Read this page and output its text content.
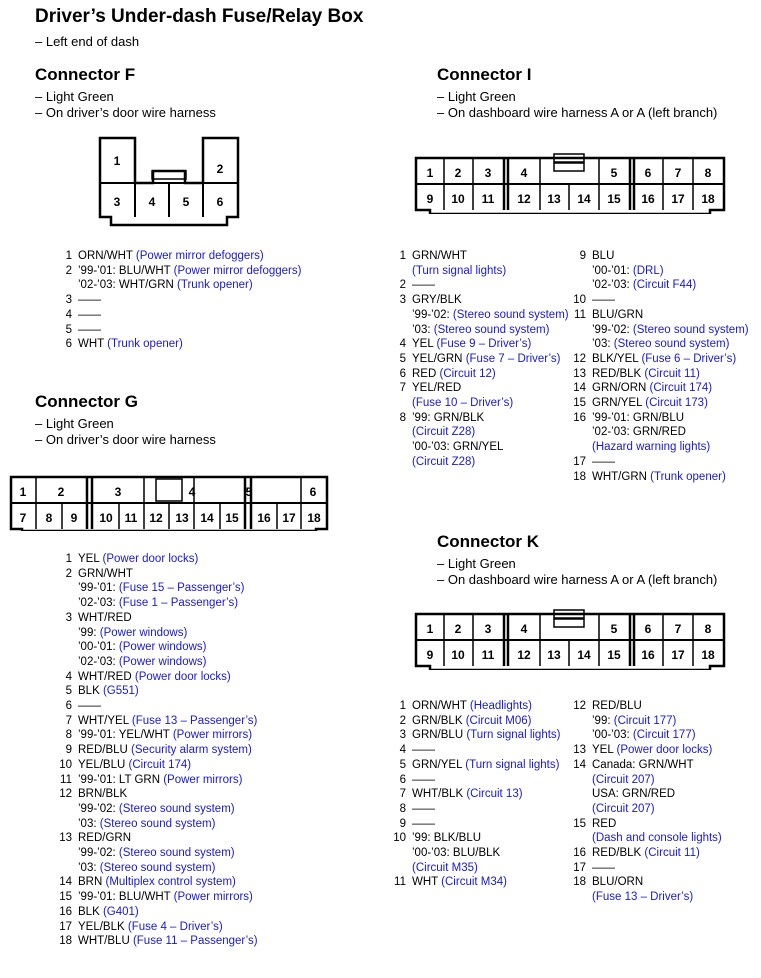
Driver’s Under-dash Fuse/Relay Box
– Left end of dash
Connector F
– Light Green
– On driver’s door wire harness
1
2
3 4 5 6
1 ORN/WHT (Power mirror defoggers)
2 ’99-’01: BLU/WHT (Power mirror defoggers)
’02-’03: WHT/GRN (Trunk opener)
3 ——
4 ——
5 ——
6 WHT (Trunk opener)
Connector G
– Light Green
– On driver’s door wire harness
1	2	3	4	5	6
7 8 9 10 11 12 13 14 15 16 17 18
1 YEL (Power door locks)
2 GRN/WHT
’99-’01: (Fuse 15 – Passenger’s)
’02-’03: (Fuse 1 – Passenger’s)
3 WHT/RED
’99: (Power windows)
’00-’01: (Power windows)
’02-’03: (Power windows)
4 WHT/RED (Power door locks)
5 BLK (G551)
6 ——
7 WHT/YEL (Fuse 13 – Passenger’s)
8 ’99-’01: YEL/WHT (Power mirrors)
9 RED/BLU (Security alarm system)
10 YEL/BLU (Circuit 174)
11 ’99-’01: LT GRN (Power mirrors)
12 BRN/BLK
’99-’02: (Stereo sound system)
’03: (Stereo sound system)
13 RED/GRN
’99-’02: (Stereo sound system)
’03: (Stereo sound system)
14 BRN (Multiplex control system)
15 ’99-’01: BLU/WHT (Power mirrors)
16 BLK (G401)
17 YEL/BLK (Fuse 4 – Driver’s)
18 WHT/BLU (Fuse 11 – Passenger’s)
Connector I
– Light Green
– On dashboard wire harness A or A (left branch)
1 2 3 4	5 6 7 8
9 10 11 12 13 14 15 16 17 18
1 GRN/WHT
(Turn signal lights)
2 ——
3 GRY/BLK
’99-’02: (Stereo sound system)
’03: (Stereo sound system)
4 YEL (Fuse 9 – Driver’s)
5 YEL/GRN (Fuse 7 – Driver’s)
6 RED (Circuit 12)
7 YEL/RED
(Fuse 10 – Driver’s)
8 ’99: GRN/BLK
(Circuit Z28)
’00-’03: GRN/YEL
(Circuit Z28)
9 BLU
’00-’01: (DRL)
’02-’03: (Circuit F44)
10 ——
11 BLU/GRN
’99-’02: (Stereo sound system)
’03: (Stereo sound system)
12 BLK/YEL (Fuse 6 – Driver’s)
13 RED/BLK (Circuit 11)
14 GRN/ORN (Circuit 174)
15 GRN/YEL (Circuit 173)
16 ’99-’01: GRN/BLU
’02-’03: GRN/RED
(Hazard warning lights)
17 ——
18 WHT/GRN (Trunk opener)
Connector K
– Light Green
– On dashboard wire harness A or A (left branch)
1 2 3 4	5 6 7 8
9 10 11 12 13 14 15 16 17 18
1 ORN/WHT (Headlights)
2 GRN/BLK (Circuit M06)
3 GRN/BLU (Turn signal lights)
4 ——
5 GRN/YEL (Turn signal lights)
6 ——
7 WHT/BLK (Circuit 13)
8 ——
9 ——
10 ’99: BLK/BLU
’00-’03: BLU/BLK
(Circuit M35)
11 WHT (Circuit M34)
12 RED/BLU
’99: (Circuit 177)
’00-’03: (Circuit 177)
13 YEL (Power door locks)
14 Canada: GRN/WHT
(Circuit 207)
USA: GRN/RED
(Circuit 207)
15 RED
(Dash and console lights)
16 RED/BLK (Circuit 11)
17 ——
18 BLU/ORN
(Fuse 13 – Driver’s)
